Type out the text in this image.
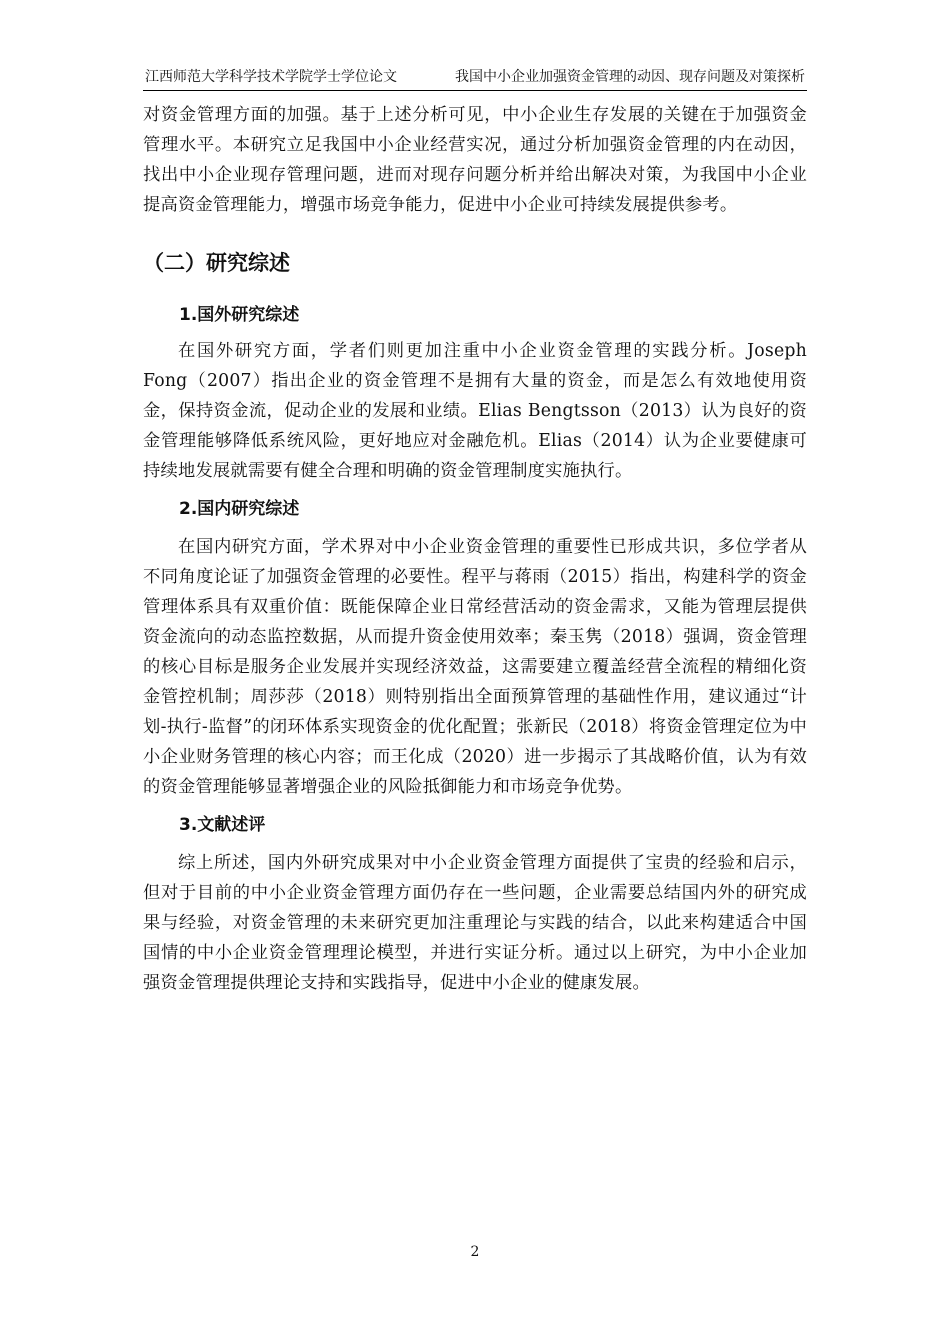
江西师范大学科学技术学院学士学位论文	我国中小企业加强资金管理的动因、现存问题及对策探析

对资金管理方面的加强。基于上述分析可见，中小企业生存发展的关键在于加强资金管理水平。本研究立足我国中小企业经营实况，通过分析加强资金管理的内在动因，找出中小企业现存管理问题，进而对现存问题分析并给出解决对策，为我国中小企业提高资金管理能力，增强市场竞争能力，促进中小企业可持续发展提供参考。

（二）研究综述
1.国外研究综述

在国外研究方面，学者们则更加注重中小企业资金管理的实践分析。Joseph Fong（2007）指出企业的资金管理不是拥有大量的资金，而是怎么有效地使用资金，保持资金流，促动企业的发展和业绩。Elias Bengtsson（2013）认为良好的资金管理能够降低系统风险，更好地应对金融危机。Elias（2014）认为企业要健康可持续地发展就需要有健全合理和明确的资金管理制度实施执行。

2.国内研究综述

在国内研究方面，学术界对中小企业资金管理的重要性已形成共识，多位学者从不同角度论证了加强资金管理的必要性。程平与蒋雨（2015）指出，构建科学的资金管理体系具有双重价值：既能保障企业日常经营活动的资金需求，又能为管理层提供资金流向的动态监控数据，从而提升资金使用效率；秦玉隽（2018）强调，资金管理的核心目标是服务企业发展并实现经济效益，这需要建立覆盖经营全流程的精细化资金管控机制；周莎莎（2018）则特别指出全面预算管理的基础性作用，建议通过“计划-执行-监督”的闭环体系实现资金的优化配置；张新民（2018）将资金管理定位为中小企业财务管理的核心内容；而王化成（2020）进一步揭示了其战略价值，认为有效的资金管理能够显著增强企业的风险抵御能力和市场竞争优势。

3.文献述评

综上所述，国内外研究成果对中小企业资金管理方面提供了宝贵的经验和启示，但对于目前的中小企业资金管理方面仍存在一些问题，企业需要总结国内外的研究成果与经验，对资金管理的未来研究更加注重理论与实践的结合，以此来构建适合中国国情的中小企业资金管理理论模型，并进行实证分析。通过以上研究，为中小企业加强资金管理提供理论支持和实践指导，促进中小企业的健康发展。

2
